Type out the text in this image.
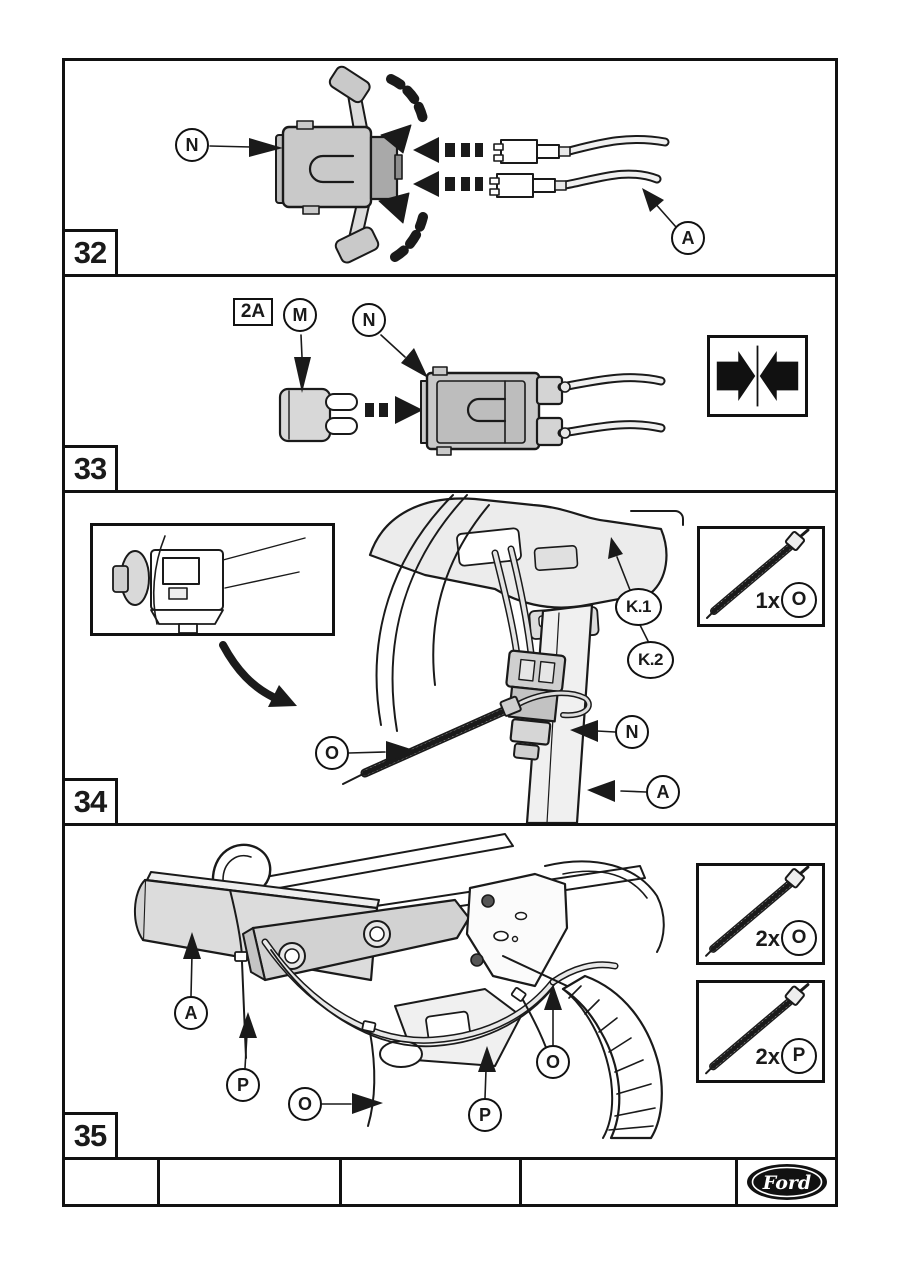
N
A
32
2A M	N
33
1x O
K.1
K.2
O
N
A
34
2x O
2x P
A
P
O
P
O
35
Ford
